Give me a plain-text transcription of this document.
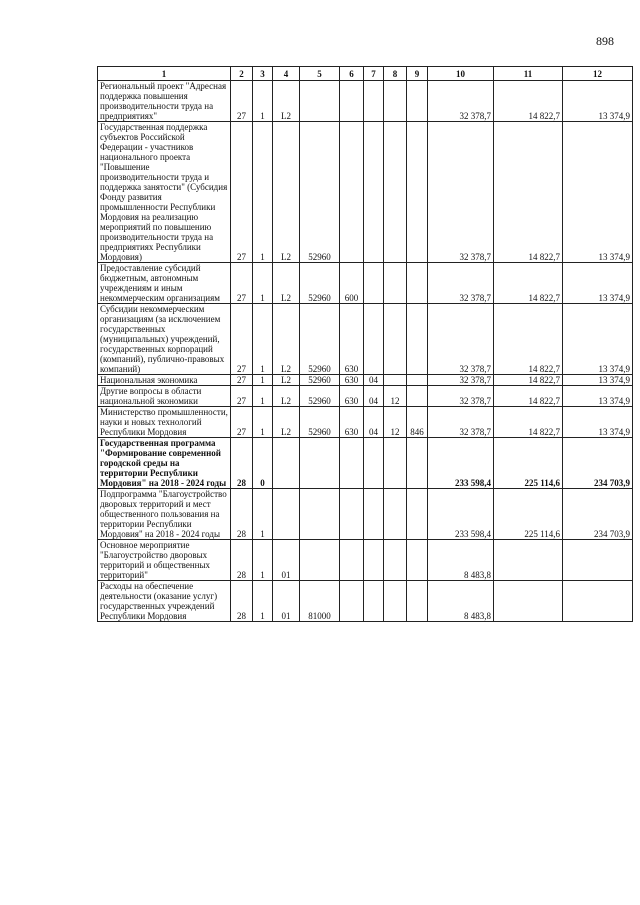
898
1	2	3	4	5	6	7	8	9	10	11	12

Региональный проект "Адресная поддержка повышения производительности труда на предприятиях"	27	1	L2						32 378,7	14 822,7	13 374,9

Государственная поддержка субъектов Российской Федерации - участников национального проекта "Повышение производительности труда и поддержка занятости" (Субсидия Фонду развития промышленности Республики Мордовия на реализацию мероприятий по повышению производительности труда на предприятиях Республики Мордовия)	27	1	L2	52960					32 378,7	14 822,7	13 374,9

Предоставление субсидий бюджетным, автономным учреждениям и иным некоммерческим организациям	27	1	L2	52960	600				32 378,7	14 822,7	13 374,9

Субсидии некоммерческим организациям (за исключением государственных (муниципальных) учреждений, государственных корпораций (компаний), публично-правовых компаний)	27	1	L2	52960	630				32 378,7	14 822,7	13 374,9

Национальная экономика	27	1	L2	52960	630	04			32 378,7	14 822,7	13 374,9

Другие вопросы в области национальной экономики	27	1	L2	52960	630	04	12		32 378,7	14 822,7	13 374,9

Министерство промышленности, науки и новых технологий Республики Мордовия	27	1	L2	52960	630	04	12	846	32 378,7	14 822,7	13 374,9

Государственная программа "Формирование современной городской среды на территории Республики Мордовия" на 2018 - 2024 годы	28	0							233 598,4	225 114,6	234 703,9

Подпрограмма "Благоустройство дворовых территорий и мест общественного пользования на территории Республики Мордовия" на 2018 - 2024 годы	28	1							233 598,4	225 114,6	234 703,9

Основное мероприятие "Благоустройство дворовых территорий и общественных территорий"	28	1	01						8 483,8		

Расходы на обеспечение деятельности (оказание услуг) государственных учреждений Республики Мордовия	28	1	01	81000					8 483,8		
